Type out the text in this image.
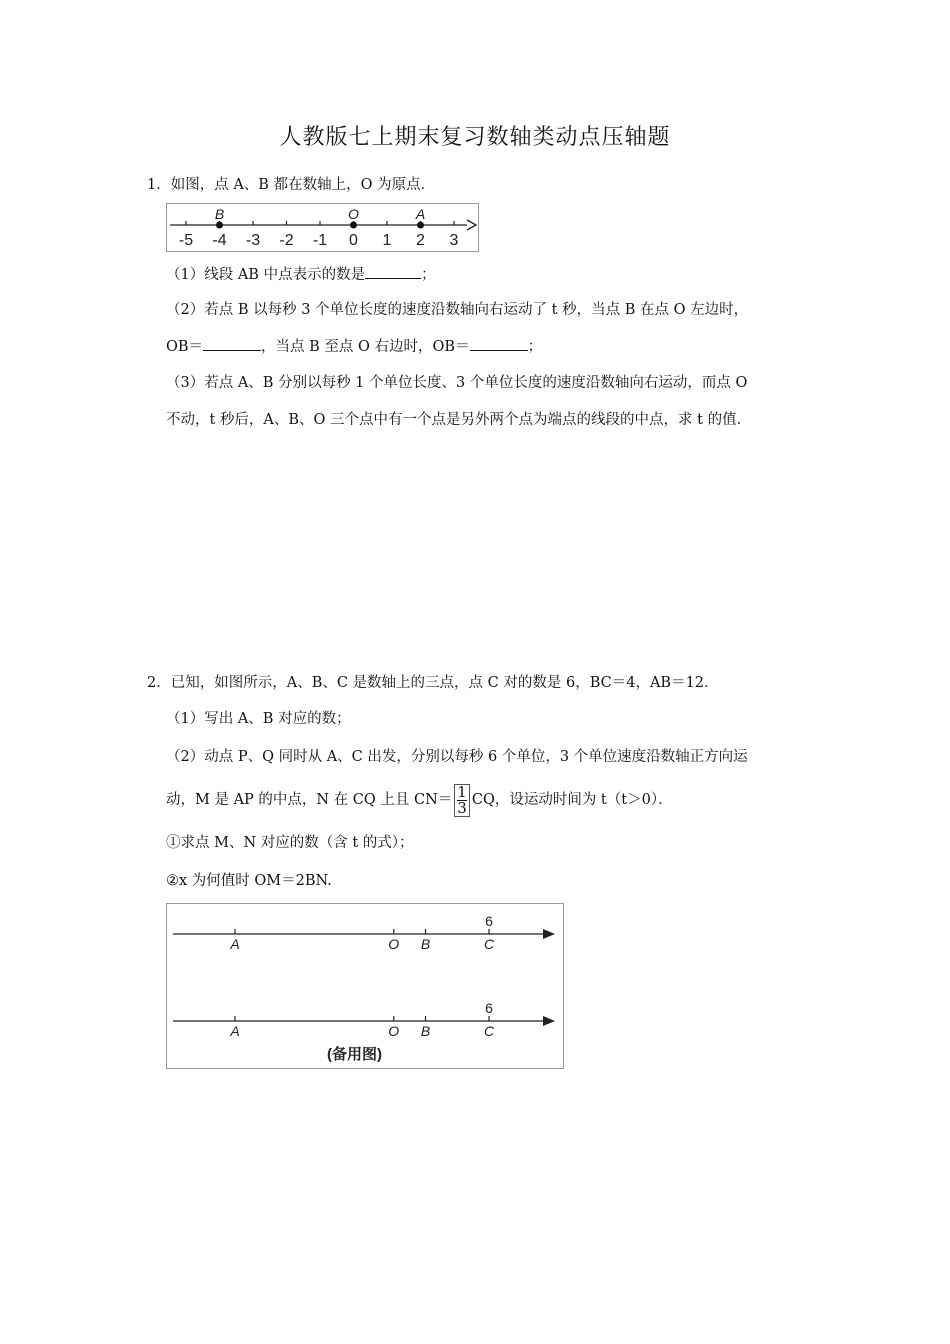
人教版七上期末复习数轴类动点压轴题
1．如图，点 A、B 都在数轴上，O 为原点．
-5 -4 -3 -2 -1 0 1 2 3
B	O	A
（1）线段 AB 中点表示的数是	；
（2）若点 B 以每秒 3 个单位长度的速度沿数轴向右运动了 t 秒，当点 B 在点 O 左边时，
OB＝	，当点 B 至点 O 右边时，OB＝	；
（3）若点 A、B 分别以每秒 1 个单位长度、3 个单位长度的速度沿数轴向右运动，而点 O
不动，t 秒后，A、B、O 三个点中有一个点是另外两个点为端点的线段的中点，求 t 的值．
2．已知，如图所示，A、B、C 是数轴上的三点，点 C 对的数是 6，BC＝4，AB＝12．
（1）写出 A、B 对应的数；
（2）动点 P、Q 同时从 A、C 出发，分别以每秒 6 个单位，3 个单位速度沿数轴正方向运
动，M 是 AP 的中点，N 在 CQ 上且 $CN= \frac{1}{3}$ CQ，设运动时间为 t（t＞0）．
①求点 M、N 对应的数（含 t 的式）；
②x 为何值时 OM＝2BN.
A	O B	C
6
A	O B	C
6
(备用图)
